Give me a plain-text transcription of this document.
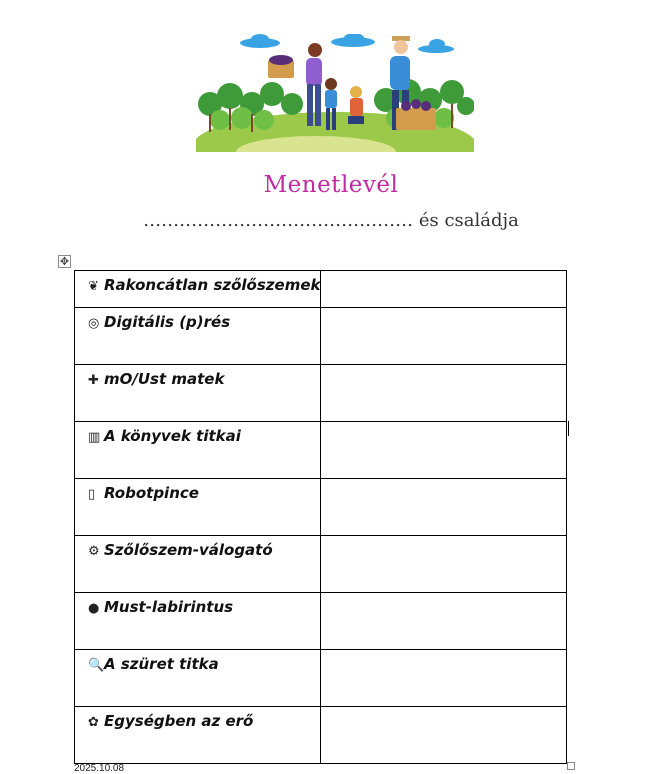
Menetlevél
……………………………………… és családja
✥
❦ Rakoncátlan szőlőszemek	

◎ Digitális (p)rés	

✚ mO/Ust matek	

▥ A könyvek titkai	

▯ Robotpince	

⚙ Szőlőszem-válogató	

● Must-labirintus	

🔍A szüret titka	

✿ Egységben az erő	

2025.10.08
